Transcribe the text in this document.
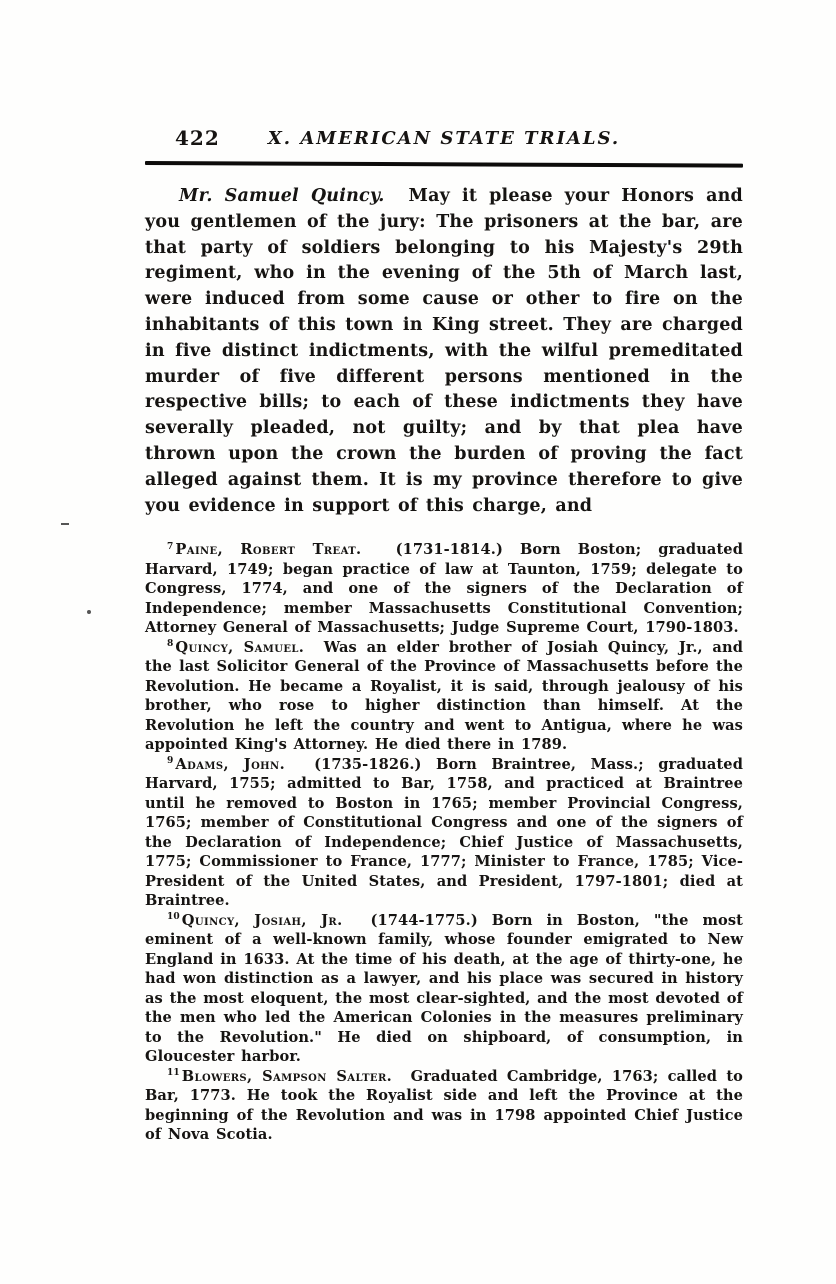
422	X. AMERICAN STATE TRIALS.

Mr. Samuel Quincy. May it please your Honors and you gentlemen of the jury: The prisoners at the bar, are that party of soldiers belonging to his Majesty's 29th regiment, who in the evening of the 5th of March last, were induced from some cause or other to fire on the inhabitants of this town in King street. They are charged in five distinct indictments, with the wilful premeditated murder of five different persons mentioned in the respective bills; to each of these indictments they have severally pleaded, not guilty; and by that plea have thrown upon the crown the burden of proving the fact alleged against them. It is my province therefore to give you evidence in support of this charge, and

$^7$ Paine, Robert Treat. (1731-1814.) Born Boston; graduated Harvard, 1749; began practice of law at Taunton, 1759; delegate to Congress, 1774, and one of the signers of the Declaration of Independence; member Massachusetts Constitutional Convention; Attorney General of Massachusetts; Judge Supreme Court, 1790-1803.

$^8$ Quincy, Samuel. Was an elder brother of Josiah Quincy, Jr., and the last Solicitor General of the Province of Massachusetts before the Revolution. He became a Royalist, it is said, through jealousy of his brother, who rose to higher distinction than himself. At the Revolution he left the country and went to Antigua, where he was appointed King's Attorney. He died there in 1789.

$^9$ Adams, John. (1735-1826.) Born Braintree, Mass.; graduated Harvard, 1755; admitted to Bar, 1758, and practiced at Braintree until he removed to Boston in 1765; member Provincial Congress, 1765; member of Constitutional Congress and one of the signers of the Declaration of Independence; Chief Justice of Massachusetts, 1775; Commissioner to France, 1777; Minister to France, 1785; Vice-President of the United States, and President, 1797-1801; died at Braintree.

$^{10}$ Quincy, Josiah, Jr. (1744-1775.) Born in Boston, "the most eminent of a well-known family, whose founder emigrated to New England in 1633. At the time of his death, at the age of thirty-one, he had won distinction as a lawyer, and his place was secured in history as the most eloquent, the most clear-sighted, and the most devoted of the men who led the American Colonies in the measures preliminary to the Revolution." He died on shipboard, of consumption, in Gloucester harbor.

$^{11}$ Blowers, Sampson Salter. Graduated Cambridge, 1763; called to Bar, 1773. He took the Royalist side and left the Province at the beginning of the Revolution and was in 1798 appointed Chief Justice of Nova Scotia.
